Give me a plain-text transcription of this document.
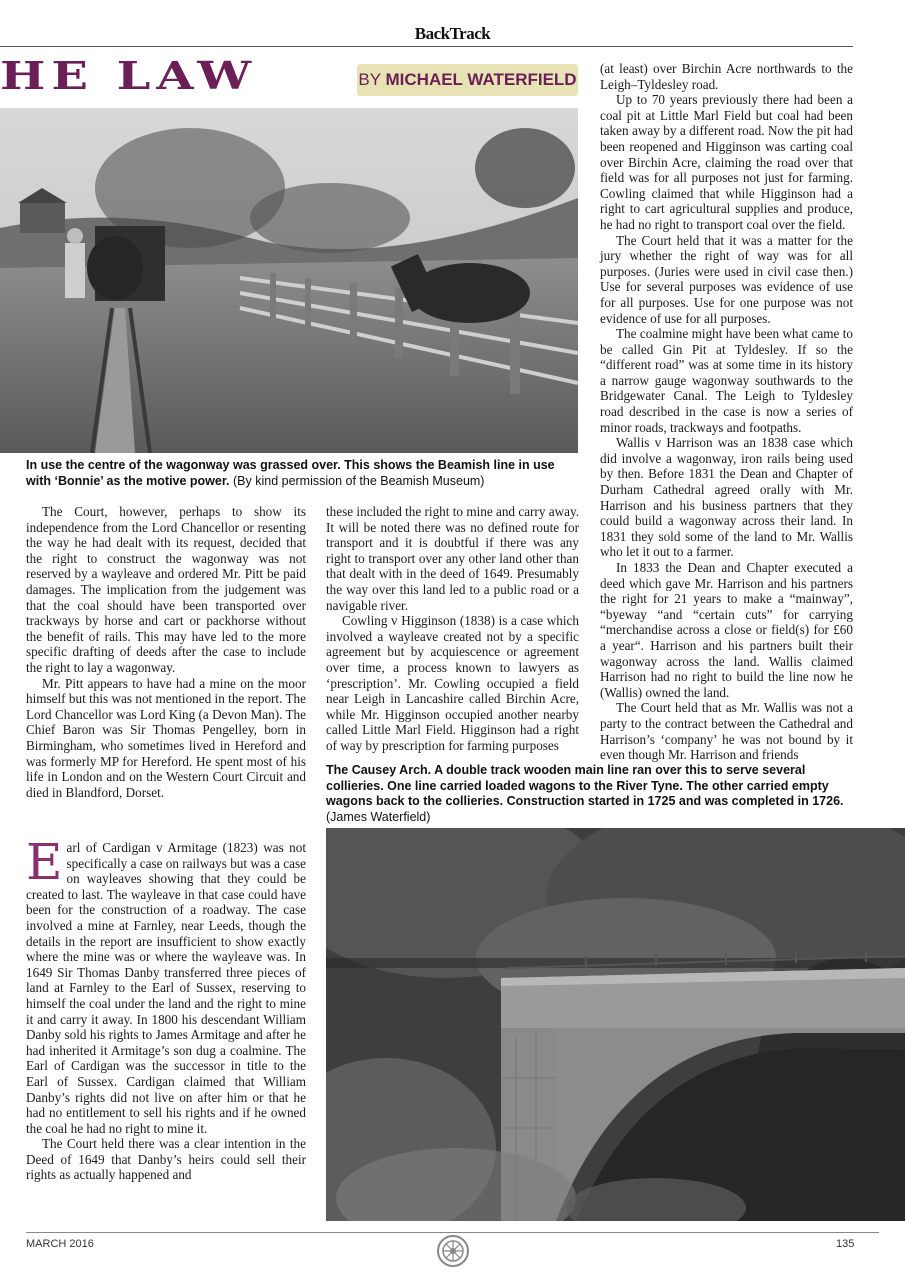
BackTrack
HE LAW	BY MICHAEL WATERFIELD
In use the centre of the wagonway was grassed over. This shows the Beamish line in use with ‘Bonnie’ as the motive power. (By kind permission of the Beamish Museum)

The Court, however, perhaps to show its independence from the Lord Chancellor or resenting the way he had dealt with its request, decided that the right to construct the wagonway was not reserved by a wayleave and ordered Mr. Pitt be paid damages. The implication from the judgement was that the coal should have been transported over trackways by horse and cart or packhorse without the benefit of rails. This may have led to the more specific drafting of deeds after the case to include the right to lay a wagonway.

Mr. Pitt appears to have had a mine on the moor himself but this was not mentioned in the report. The Lord Chancellor was Lord King (a Devon Man). The Chief Baron was Sir Thomas Pengelley, born in Birmingham, who sometimes lived in Hereford and was formerly MP for Hereford. He spent most of his life in London and on the Western Court Circuit and died in Blandford, Dorset.

Earl of Cardigan v Armitage (1823) was not specifically a case on railways but was a case on wayleaves showing that they could be created to last. The wayleave in that case could have been for the construction of a roadway. The case involved a mine at Farnley, near Leeds, though the details in the report are insufficient to show exactly where the mine was or where the wayleave was. In 1649 Sir Thomas Danby transferred three pieces of land at Farnley to the Earl of Sussex, reserving to himself the coal under the land and the right to mine it and carry it away. In 1800 his descendant William Danby sold his rights to James Armitage and after he had inherited it Armitage’s son dug a coalmine. The Earl of Cardigan was the successor in title to the Earl of Sussex. Cardigan claimed that William Danby’s rights did not live on after him or that he had no entitlement to sell his rights and if he owned the coal he had no right to mine it.

The Court held there was a clear intention in the Deed of 1649 that Danby’s heirs could sell their rights as actually happened and

these included the right to mine and carry away. It will be noted there was no defined route for transport and it is doubtful if there was any right to transport over any other land other than that dealt with in the deed of 1649. Presumably the way over this land led to a public road or a navigable river.

Cowling v Higginson (1838) is a case which involved a wayleave created not by a specific agreement but by acquiescence or agreement over time, a process known to lawyers as ‘prescription’. Mr. Cowling occupied a field near Leigh in Lancashire called Birchin Acre, while Mr. Higginson occupied another nearby called Little Marl Field. Higginson had a right of way by prescription for farming purposes

(at least) over Birchin Acre northwards to the Leigh–Tyldesley road.

Up to 70 years previously there had been a coal pit at Little Marl Field but coal had been taken away by a different road. Now the pit had been reopened and Higginson was carting coal over Birchin Acre, claiming the road over that field was for all purposes not just for farming. Cowling claimed that while Higginson had a right to cart agricultural supplies and produce, he had no right to transport coal over the field.

The Court held that it was a matter for the jury whether the right of way was for all purposes. (Juries were used in civil case then.) Use for several purposes was evidence of use for all purposes. Use for one purpose was not evidence of use for all purposes.

The coalmine might have been what came to be called Gin Pit at Tyldesley. If so the “different road” was at some time in its history a narrow gauge wagonway southwards to the Bridgewater Canal. The Leigh to Tyldesley road described in the case is now a series of minor roads, trackways and footpaths.

Wallis v Harrison was an 1838 case which did involve a wagonway, iron rails being used by then. Before 1831 the Dean and Chapter of Durham Cathedral agreed orally with Mr. Harrison and his business partners that they could build a wagonway across their land. In 1831 they sold some of the land to Mr. Wallis who let it out to a farmer.

In 1833 the Dean and Chapter executed a deed which gave Mr. Harrison and his partners the right for 21 years to make a “mainway”, “byeway “and “certain cuts” for carrying “merchandise across a close or field(s) for £60 a year“. Harrison and his partners built their wagonway across the land. Wallis claimed Harrison had no right to build the line now he (Wallis) owned the land.

The Court held that as Mr. Wallis was not a party to the contract between the Cathedral and Harrison’s ‘company’ he was not bound by it even though Mr. Harrison and friends

The Causey Arch. A double track wooden main line ran over this to serve several collieries. One line carried loaded wagons to the River Tyne. The other carried empty wagons back to the collieries. Construction started in 1725 and was completed in 1726.
(James Waterfield)
MARCH 2016	135
